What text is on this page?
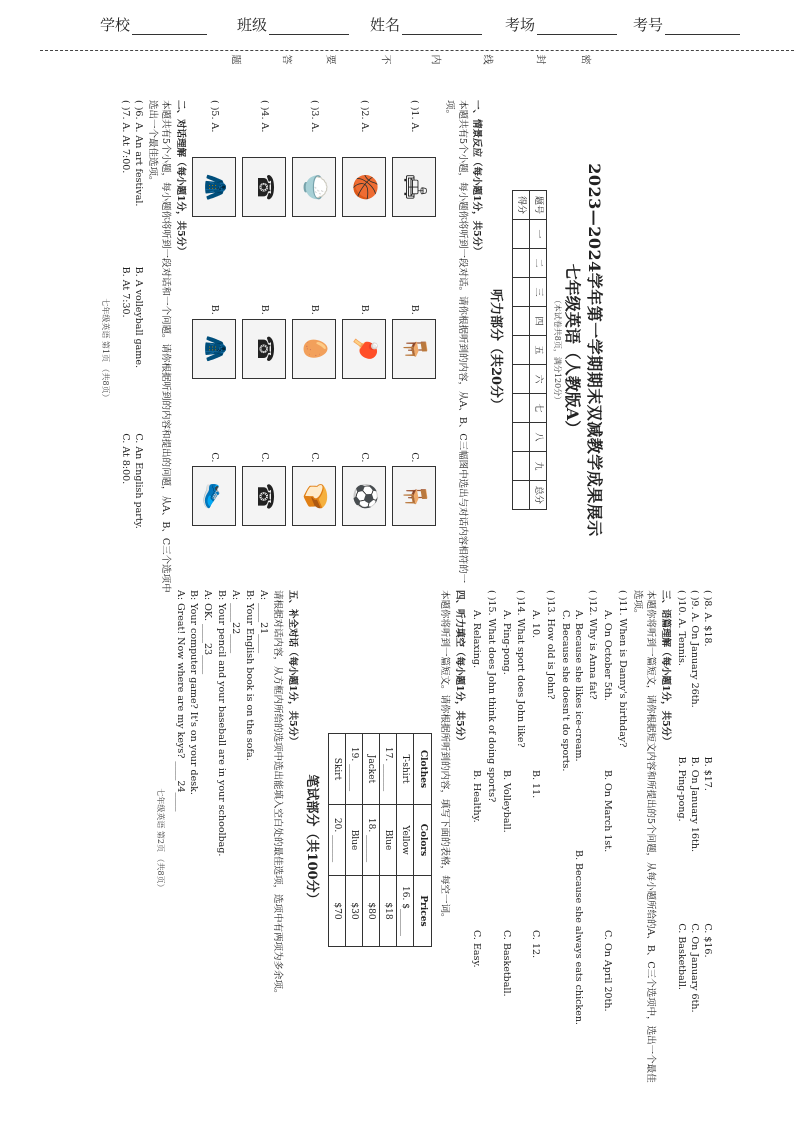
学校	班级	姓名	考场	考号
密
封
线
内
不
要
答
题
2023—2024学年第一学期期末双减教学成果展示
七年级英语（人教版A）
（本试卷共8页，满分120分）
题号	一	二	三	四	五	六	七	八	九	总分
得分										
听力部分（共20分）
一、情景反应（每小题1分，共5分）
本题共有5个小题，每小题你将听到一段对话。请你根据听到的内容，从A、B、C三幅图中选出与对话内容相符的一项。
( )1. A.
🛋
B.
🪑
C.
🪑
( )2. A.
🏀
B.
🏓
C.
⚽
( )3. A.
🍚
B.
🥚
C.
🍞
( )4. A.
☎
B.
☎
C.
☎
( )5. A.
🧥
B.
🧥
C.
👟
二、对话理解（每小题1分，共5分）
本题共有5个小题，每小题你将听到一段对话和一个问题。请你根据听到的内容和提出的问题，从A、B、C三个选项中选出一个最佳选项。
( )6. A. An art festival.
B. A volleyball game.
C. An English party.
( )7. A. At 7:00.
B. At 7:30.
C. At 8:00.
七年级英语 第1页 （共8页）
( )8. A. $18.
B. $17.
C. $16.
( )9. A. On January 26th.
B. On January 16th.
C. On January 6th.
( )10. A. Tennis.
B. Ping-pong.
C. Basketball.
三、语篇理解（每小题1分，共5分）
本题你将听到一篇短文，请你根据短文内容和所提出的5个问题，从每小题所给的A、B、C三个选项中，选出一个最佳选项。
( )11. When is Danny's birthday?
A. On October 5th.
B. On March 1st.
C. On April 20th.
( )12. Why is Anna fat?
A. Because she likes ice-cream.
B. Because she always eats chicken.
C. Because she doesn't do sports.
( )13. How old is John?
A. 10.
B. 11.
C. 12.
( )14. What sport does John like?
A. Ping-pong.
B. Volleyball.
C. Basketball.
( )15. What does John think of doing sports?
A. Relaxing.
B. Healthy.
C. Easy.
四、听力填空（每小题1分，共5分）
本题你将听到一篇短文。请你根据所听到的内容，填写下面的表格，每空一词。
Clothes	Colors	Prices
T-shirt	Yellow	16. $______
17. ______	Blue	$18
Jacket	18. ______	$80
19. ______	Blue	$30
Skirt	20. ______	$70
笔试部分（共100分）
五、补全对话（每小题1分，共5分）
请根据对话内容，从方框内所给的选项中选出能填入空白处的最佳选项，选项中有两项为多余项。
A: ____21____
B: Your English book is on the sofa.
A: ____22____
B: Your pencil and your baseball are in your schoolbag.
A: OK. ____23____
B: Your computer game? It's on your desk.
A: Great! Now where are my keys? ____24____
七年级英语 第2页 （共8页）
